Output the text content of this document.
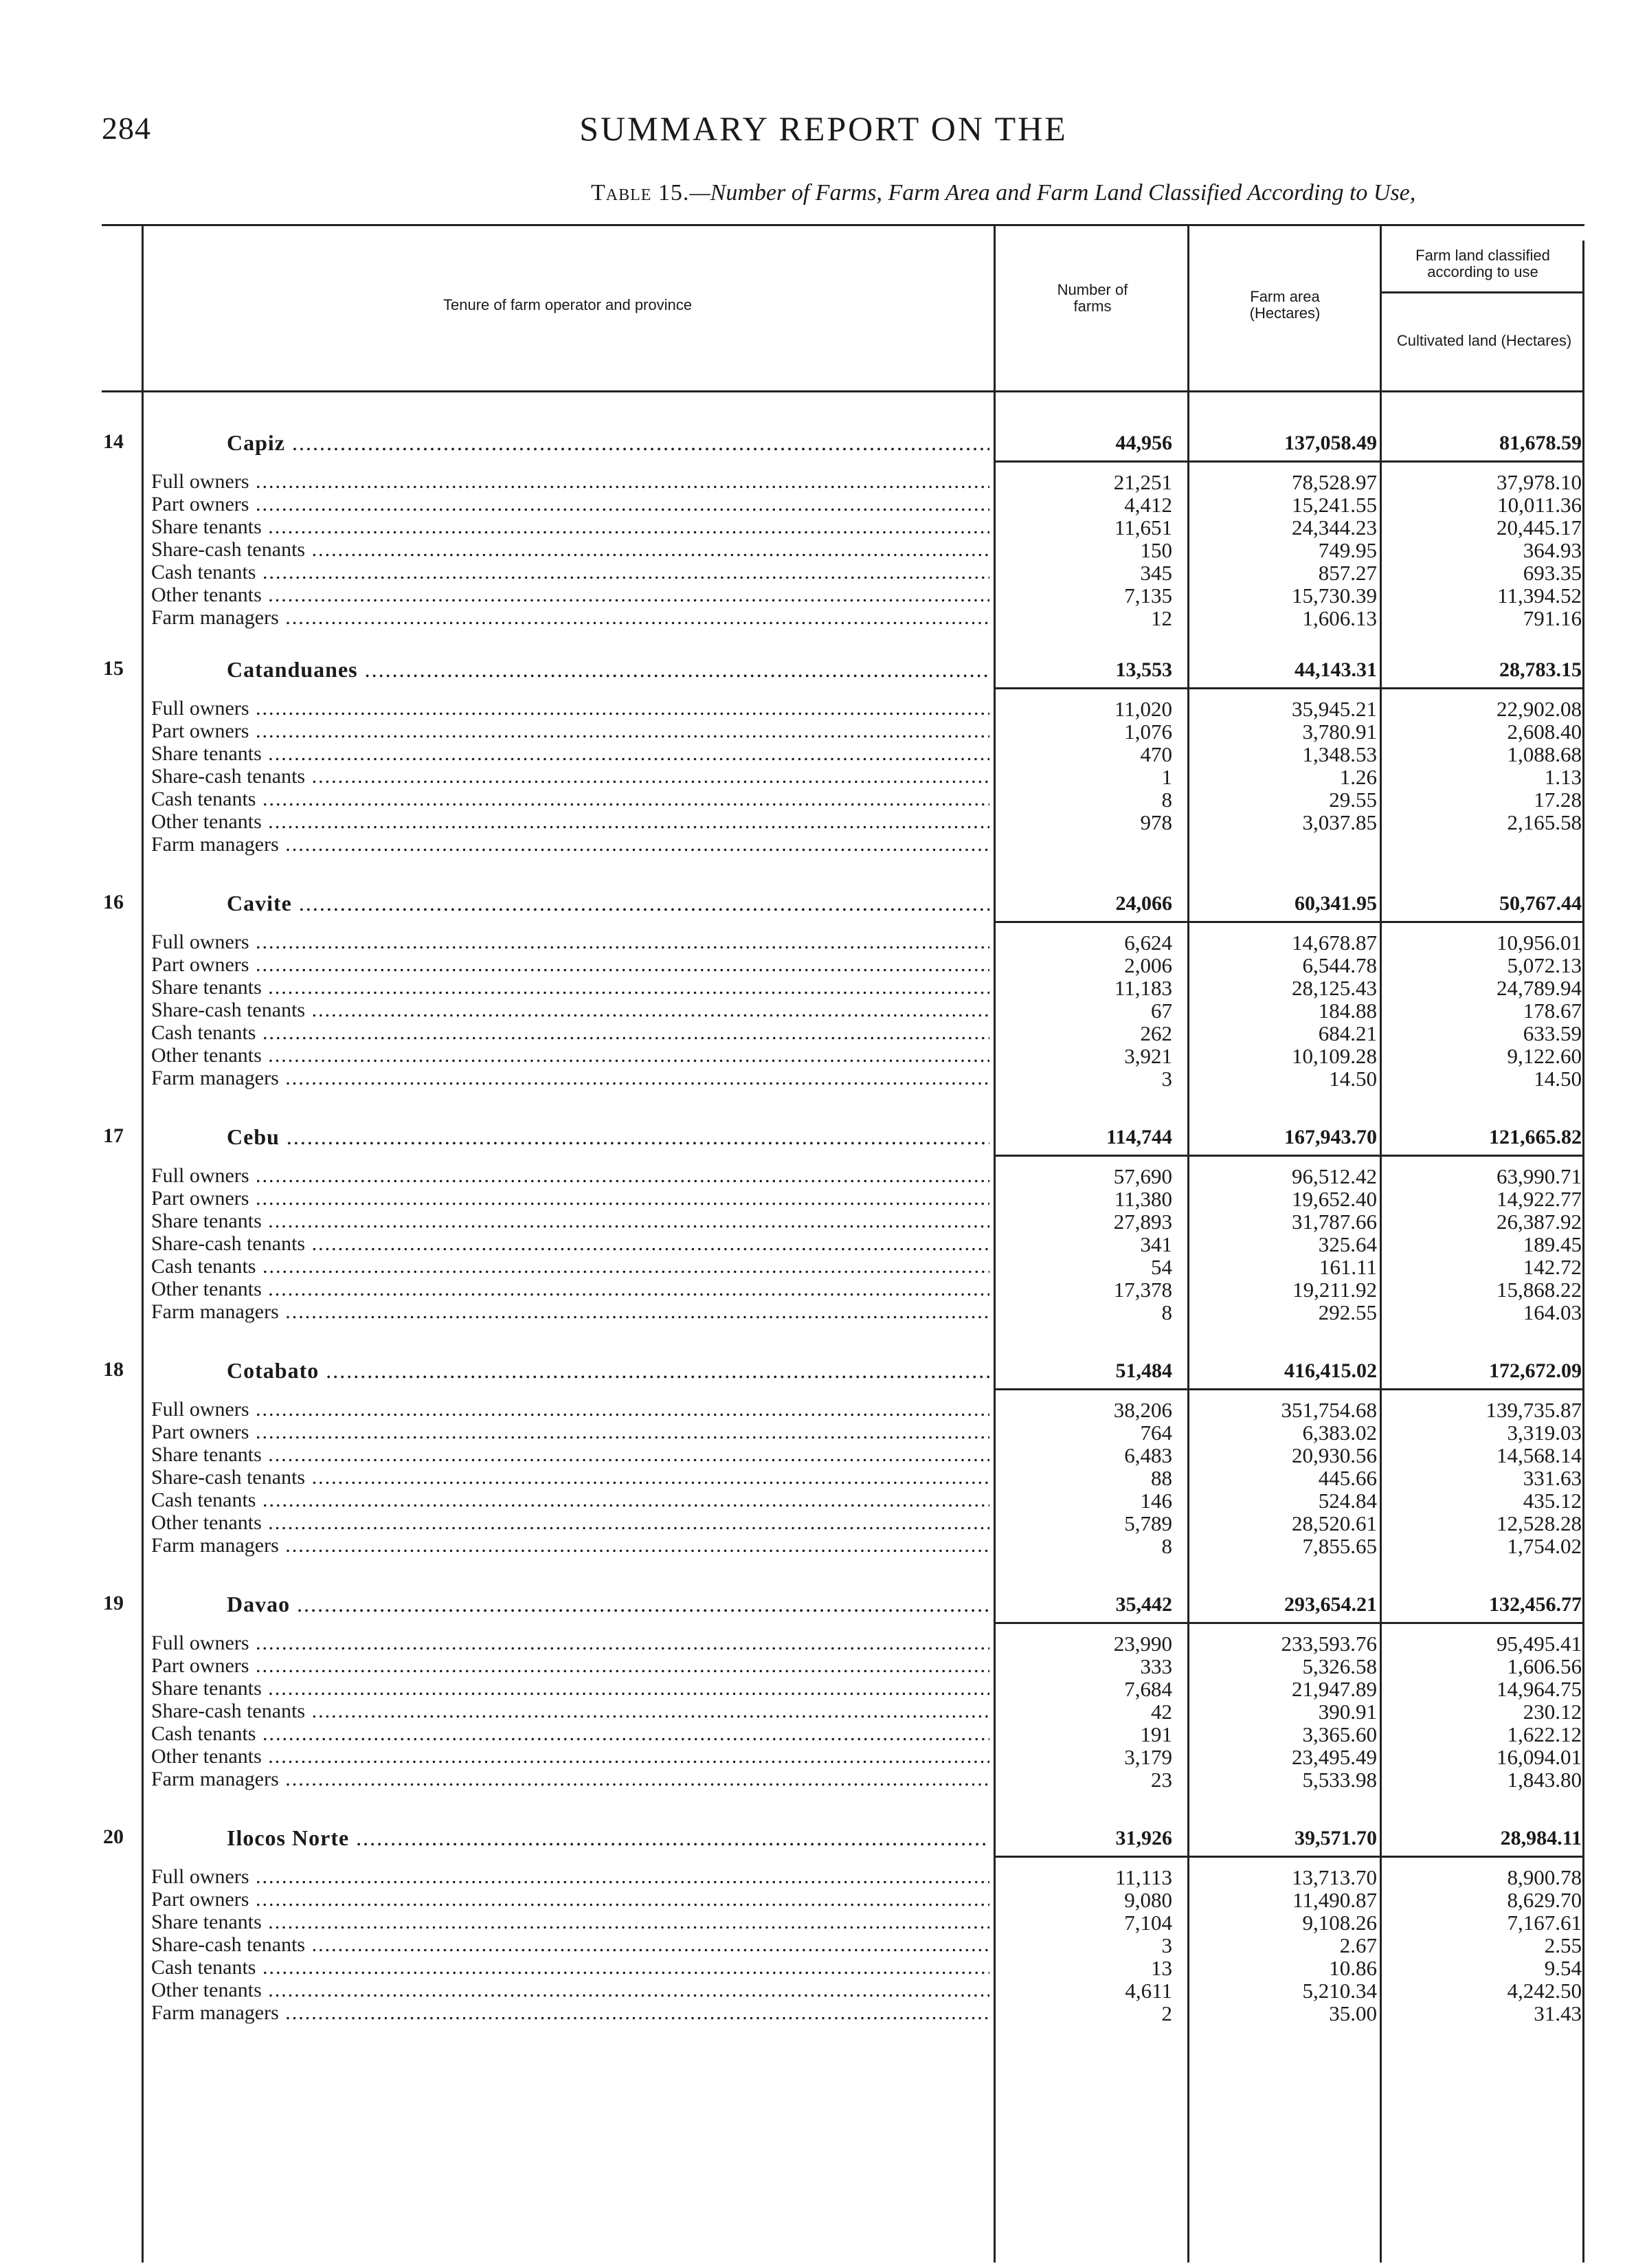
284	SUMMARY REPORT ON THE
Table 15.—Number of Farms, Farm Area and Farm Land Classified According to Use,
Tenure of farm operator and province
Number of farms
Farm area (Hectares)
Farm land classified according to use
Cultivated land (Hectares)
14	Capiz .....	44,956	137,058.49	81,678.59
Full owners .....	21,251	78,528.97	37,978.10
Part owners .....	4,412	15,241.55	10,011.36
Share tenants .....	11,651	24,344.23	20,445.17
Share-cash tenants .....	150	749.95	364.93
Cash tenants .....	345	857.27	693.35
Other tenants .....	7,135	15,730.39	11,394.52
Farm managers .....	12	1,606.13	791.16
15	Catanduanes .....	13,553	44,143.31	28,783.15
Full owners .....	11,020	35,945.21	22,902.08
Part owners .....	1,076	3,780.91	2,608.40
Share tenants .....	470	1,348.53	1,088.68
Share-cash tenants .....	1	1.26	1.13
Cash tenants .....	8	29.55	17.28
Other tenants .....	978	3,037.85	2,165.58
Farm managers .....
16	Cavite .....	24,066	60,341.95	50,767.44
Full owners .....	6,624	14,678.87	10,956.01
Part owners .....	2,006	6,544.78	5,072.13
Share tenants .....	11,183	28,125.43	24,789.94
Share-cash tenants .....	67	184.88	178.67
Cash tenants .....	262	684.21	633.59
Other tenants .....	3,921	10,109.28	9,122.60
Farm managers .....	3	14.50	14.50
17	Cebu .....	114,744	167,943.70	121,665.82
Full owners .....	57,690	96,512.42	63,990.71
Part owners .....	11,380	19,652.40	14,922.77
Share tenants .....	27,893	31,787.66	26,387.92
Share-cash tenants .....	341	325.64	189.45
Cash tenants .....	54	161.11	142.72
Other tenants .....	17,378	19,211.92	15,868.22
Farm managers .....	8	292.55	164.03
18	Cotabato .....	51,484	416,415.02	172,672.09
Full owners .....	38,206	351,754.68	139,735.87
Part owners .....	764	6,383.02	3,319.03
Share tenants .....	6,483	20,930.56	14,568.14
Share-cash tenants .....	88	445.66	331.63
Cash tenants .....	146	524.84	435.12
Other tenants .....	5,789	28,520.61	12,528.28
Farm managers .....	8	7,855.65	1,754.02
19	Davao .....	35,442	293,654.21	132,456.77
Full owners .....	23,990	233,593.76	95,495.41
Part owners .....	333	5,326.58	1,606.56
Share tenants .....	7,684	21,947.89	14,964.75
Share-cash tenants .....	42	390.91	230.12
Cash tenants .....	191	3,365.60	1,622.12
Other tenants .....	3,179	23,495.49	16,094.01
Farm managers .....	23	5,533.98	1,843.80
20	Ilocos Norte .....	31,926	39,571.70	28,984.11
Full owners .....	11,113	13,713.70	8,900.78
Part owners .....	9,080	11,490.87	8,629.70
Share tenants .....	7,104	9,108.26	7,167.61
Share-cash tenants .....	3	2.67	2.55
Cash tenants .....	13	10.86	9.54
Other tenants .....	4,611	5,210.34	4,242.50
Farm managers .....	2	35.00	31.43
